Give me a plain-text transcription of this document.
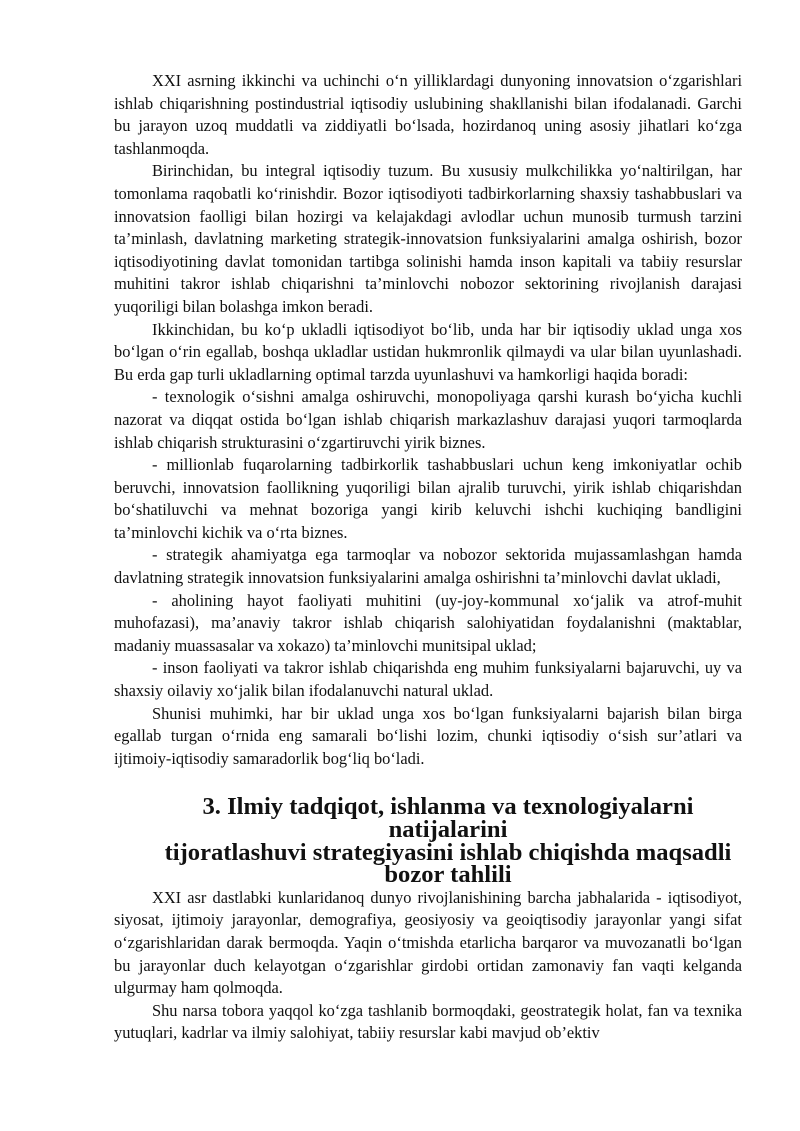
XXI asrning ikkinchi va uchinchi o‘n yilliklardagi dunyoning innovatsion o‘zgarishlari ishlab chiqarishning postindustrial iqtisodiy uslubining shakllanishi bilan ifodalanadi. Garchi bu jarayon uzoq muddatli va ziddiyatli bo‘lsada, hozirdanoq uning asosiy jihatlari ko‘zga tashlanmoqda.

Birinchidan, bu integral iqtisodiy tuzum. Bu xususiy mulkchilikka yo‘naltirilgan, har tomonlama raqobatli ko‘rinishdir. Bozor iqtisodiyoti tadbirkorlarning shaxsiy tashabbuslari va innovatsion faolligi bilan hozirgi va kelajakdagi avlodlar uchun munosib turmush tarzini ta’minlash, davlatning marketing strategik-innovatsion funksiyalarini amalga oshirish, bozor iqtisodiyotining davlat tomonidan tartibga solinishi hamda inson kapitali va tabiiy resurslar muhitini takror ishlab chiqarishni ta’minlovchi nobozor sektorining rivojlanish darajasi yuqoriligi bilan bolashga imkon beradi.

Ikkinchidan, bu ko‘p ukladli iqtisodiyot bo‘lib, unda har bir iqtisodiy uklad unga xos bo‘lgan o‘rin egallab, boshqa ukladlar ustidan hukmronlik qilmaydi va ular bilan uyunlashadi. Bu erda gap turli ukladlarning optimal tarzda uyunlashuvi va hamkorligi haqida boradi:

- texnologik o‘sishni amalga oshiruvchi, monopoliyaga qarshi kurash bo‘yicha kuchli nazorat va diqqat ostida bo‘lgan ishlab chiqarish markazlashuv darajasi yuqori tarmoqlarda ishlab chiqarish strukturasini o‘zgartiruvchi yirik biznes.

- millionlab fuqarolarning tadbirkorlik tashabbuslari uchun keng imkoniyatlar ochib beruvchi, innovatsion faollikning yuqoriligi bilan ajralib turuvchi, yirik ishlab chiqarishdan bo‘shatiluvchi va mehnat bozoriga yangi kirib keluvchi ishchi kuchiqing bandligini ta’minlovchi kichik va o‘rta biznes.

- strategik ahamiyatga ega tarmoqlar va nobozor sektorida mujassamlashgan hamda davlatning strategik innovatsion funksiyalarini amalga oshirishni ta’minlovchi davlat ukladi,

- aholining hayot faoliyati muhitini (uy-joy-kommunal xo‘jalik va atrof-muhit muhofazasi), ma’anaviy takror ishlab chiqarish salohiyatidan foydalanishni (maktablar, madaniy muassasalar va xokazo) ta’minlovchi munitsipal uklad;

- inson faoliyati va takror ishlab chiqarishda eng muhim funksiyalarni bajaruvchi, uy va shaxsiy oilaviy xo‘jalik bilan ifodalanuvchi natural uklad.

Shunisi muhimki, har bir uklad unga xos bo‘lgan funksiyalarni bajarish bilan birga egallab turgan o‘rnida eng samarali bo‘lishi lozim, chunki iqtisodiy o‘sish sur’atlari va ijtimoiy-iqtisodiy samaradorlik bog‘liq bo‘ladi.

3. Ilmiy tadqiqot, ishlanma va texnologiyalarni natijalarini
tijoratlashuvi strategiyasini ishlab chiqishda maqsadli bozor tahlili

XXI asr dastlabki kunlaridanoq dunyo rivojlanishining barcha jabhalarida - iqtisodiyot, siyosat, ijtimoiy jarayonlar, demografiya, geosiyosiy va geoiqtisodiy jarayonlar yangi sifat o‘zgarishlaridan darak bermoqda. Yaqin o‘tmishda etarlicha barqaror va muvozanatli bo‘lgan bu jarayonlar duch kelayotgan o‘zgarishlar girdobi ortidan zamonaviy fan vaqti kelganda ulgurmay ham qolmoqda.

Shu narsa tobora yaqqol ko‘zga tashlanib bormoqdaki, geostrategik holat, fan va texnika yutuqlari, kadrlar va ilmiy salohiyat, tabiiy resurslar kabi mavjud ob’ektiv
